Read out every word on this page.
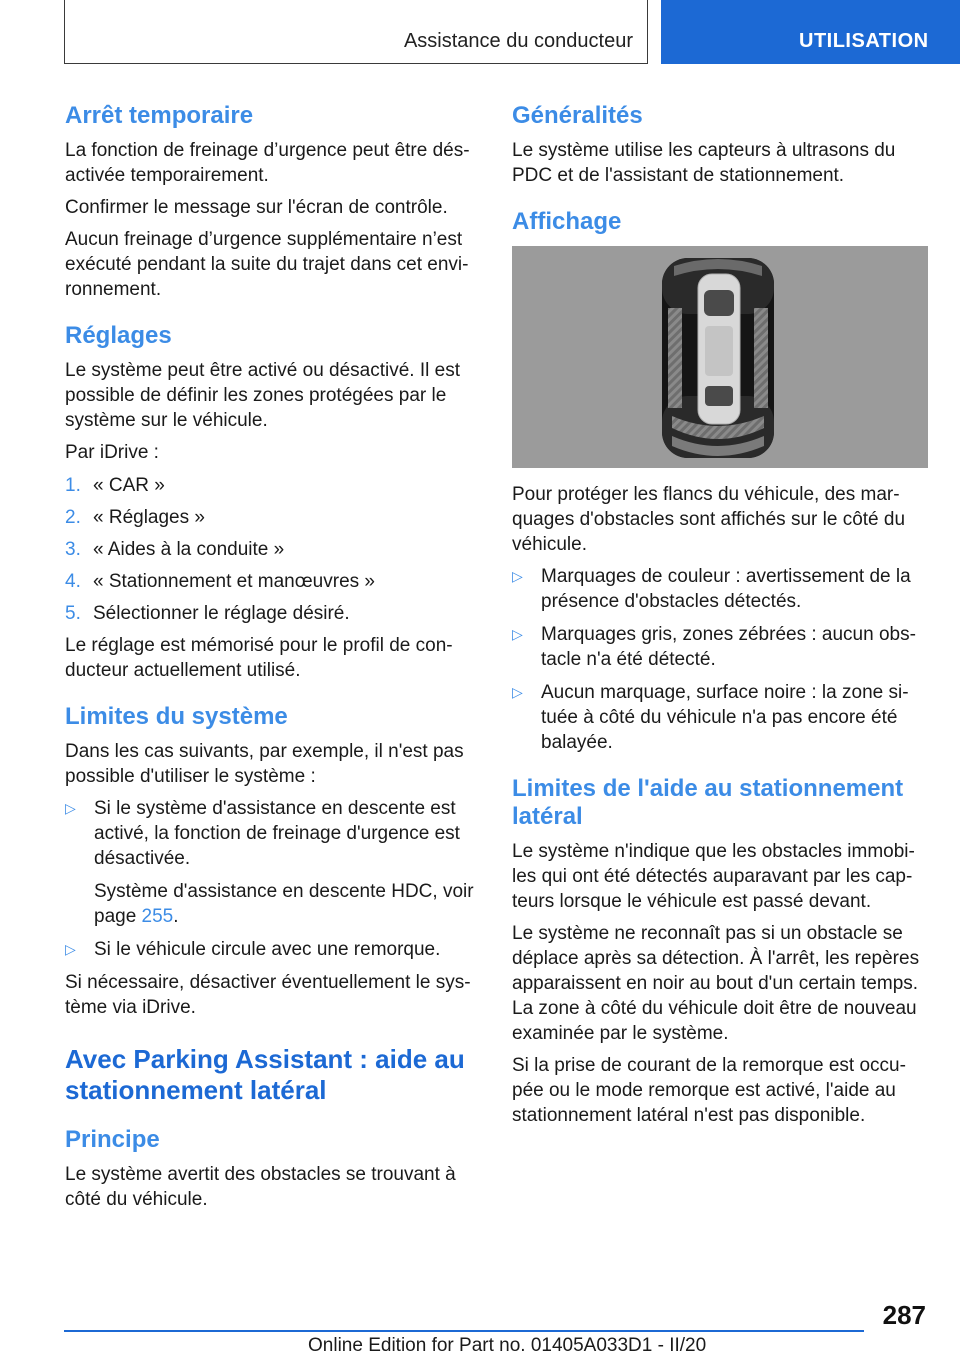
Assistance du conducteur	UTILISATION
Arrêt temporaire

La fonction de freinage d’urgence peut être désactivée temporairement.

Confirmer le message sur l'écran de contrôle.

Aucun freinage d’urgence supplémentaire n’est exécuté pendant la suite du trajet dans cet environnement.

Réglages

Le système peut être activé ou désactivé. Il est possible de définir les zones protégées par le système sur le véhicule.

Par iDrive :

1. « CAR »
2. « Réglages »
3. « Aides à la conduite »
4. « Stationnement et manœuvres »
5. Sélectionner le réglage désiré.

Le réglage est mémorisé pour le profil de conducteur actuellement utilisé.

Limites du système

Dans les cas suivants, par exemple, il n'est pas possible d'utiliser le système :

▷ Si le système d'assistance en descente est activé, la fonction de freinage d'urgence est désactivée.
Système d'assistance en descente HDC, voir page 255.
▷ Si le véhicule circule avec une remorque.

Si nécessaire, désactiver éventuellement le système via iDrive.

Avec Parking Assistant : aide au stationnement latéral
Principe

Le système avertit des obstacles se trouvant à côté du véhicule.

Généralités

Le système utilise les capteurs à ultrasons du PDC et de l'assistant de stationnement.

Affichage

Pour protéger les flancs du véhicule, des marquages d'obstacles sont affichés sur le côté du véhicule.

▷ Marquages de couleur : avertissement de la présence d'obstacles détectés.
▷ Marquages gris, zones zébrées : aucun obstacle n'a été détecté.
▷ Aucun marquage, surface noire : la zone située à côté du véhicule n'a pas encore été balayée.
Limites de l'aide au stationnement latéral

Le système n'indique que les obstacles immobiles qui ont été détectés auparavant par les capteurs lorsque le véhicule est passé devant.

Le système ne reconnaît pas si un obstacle se déplace après sa détection. À l'arrêt, les repères apparaissent en noir au bout d'un certain temps. La zone à côté du véhicule doit être de nouveau examinée par le système.

Si la prise de courant de la remorque est occupée ou le mode remorque est activé, l'aide au stationnement latéral n'est pas disponible.

287
Online Edition for Part no. 01405A033D1 - II/20
